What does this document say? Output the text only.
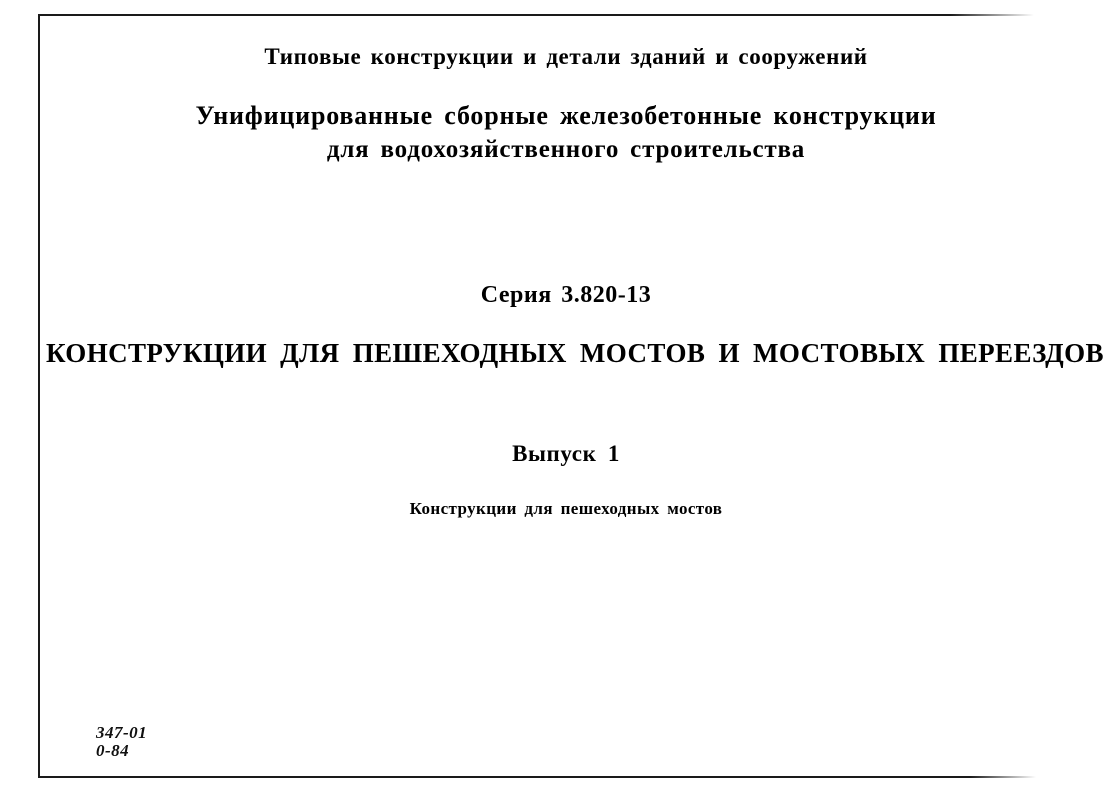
Типовые конструкции и детали зданий и сооружений
Унифицированные сборные железобетонные конструкции
для водохозяйственного строительства
Серия 3.820-13
КОНСТРУКЦИИ ДЛЯ ПЕШЕХОДНЫХ МОСТОВ И МОСТОВЫХ ПЕРЕЕЗДОВ
Выпуск 1
Конструкции для пешеходных мостов
347-01
0-84
